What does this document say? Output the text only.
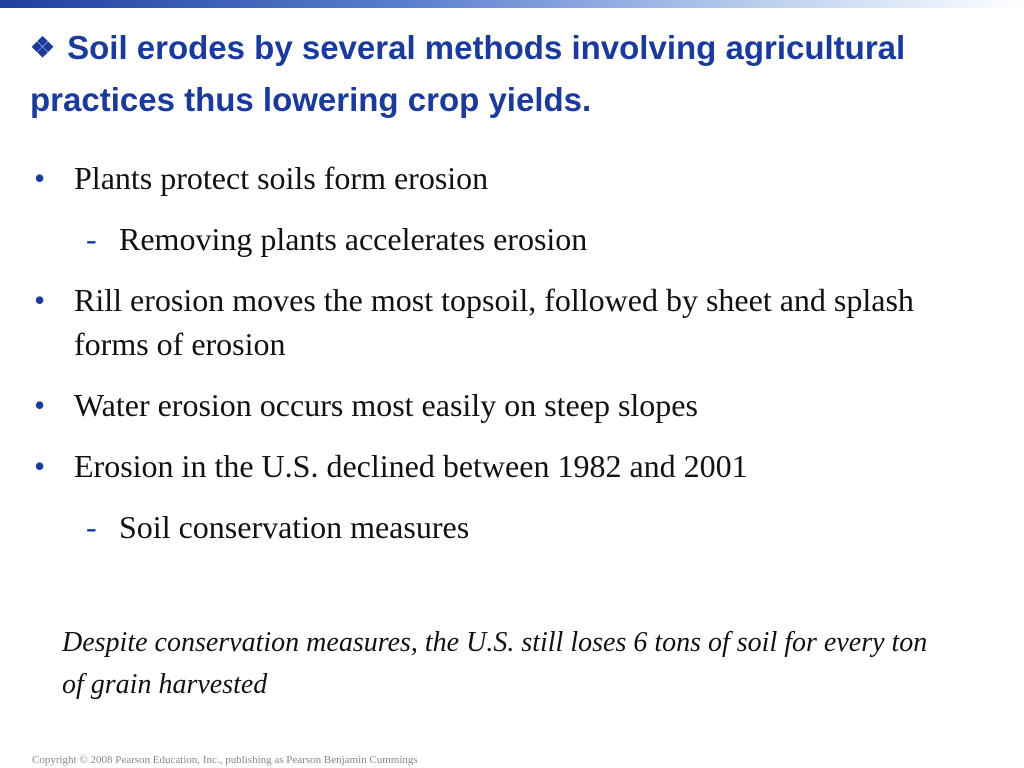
❖ Soil erodes by several methods involving agricultural practices thus lowering crop yields.
• Plants protect soils form erosion
- Removing plants accelerates erosion
• Rill erosion moves the most topsoil, followed by sheet and splash forms of erosion
• Water erosion occurs most easily on steep slopes
• Erosion in the U.S. declined between 1982 and 2001
- Soil conservation measures
Despite conservation measures, the U.S. still loses 6 tons of soil for every ton of grain harvested
Copyright © 2008 Pearson Education, Inc., publishing as Pearson Benjamin Cummings
